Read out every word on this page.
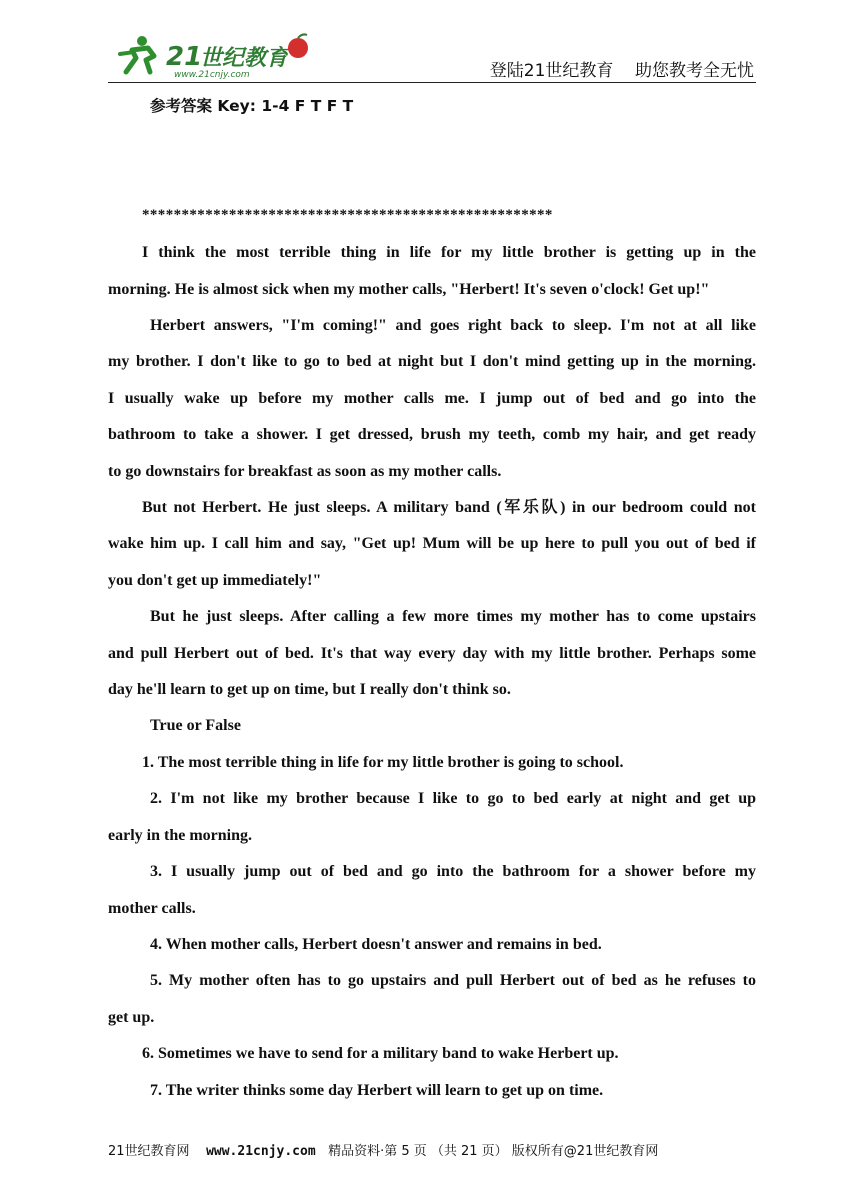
21
世纪教育
www.21cnjy.com	登陆21世纪教育    助您教考全无忧
参考答案 Key: 1-4 F T F T
****************************************************
I think the most terrible thing in life for my little brother is getting up in the
morning. He is almost sick when my mother calls, "Herbert! It's seven o'clock! Get up!"
Herbert answers, "I'm coming!" and goes right back to sleep. I'm not at all like
my brother. I don't like to go to bed at night but I don't mind getting up in the morning.
I usually wake up before my mother calls me. I jump out of bed and go into the
bathroom to take a shower. I get dressed, brush my teeth, comb my hair, and get ready
to go downstairs for breakfast as soon as my mother calls.
But not Herbert. He just sleeps. A military band (军乐队) in our bedroom could not
wake him up. I call him and say, "Get up! Mum will be up here to pull you out of bed if
you don't get up immediately!"
But he just sleeps. After calling a few more times my mother has to come upstairs
and pull Herbert out of bed. It's that way every day with my little brother. Perhaps some
day he'll learn to get up on time, but I really don't think so.
True or False
1. The most terrible thing in life for my little brother is going to school.
2. I'm not like my brother because I like to go to bed early at night and get up
early in the morning.
3. I usually jump out of bed and go into the bathroom for a shower before my
mother calls.
4. When mother calls, Herbert doesn't answer and remains in bed.
5. My mother often has to go upstairs and pull Herbert out of bed as he refuses to
get up.
6. Sometimes we have to send for a military band to wake Herbert up.
7. The writer thinks some day Herbert will learn to get up on time.
21世纪教育网 www.21cnjy.com 精品资料·第 5 页 （共 21 页） 版权所有@21世纪教育网
